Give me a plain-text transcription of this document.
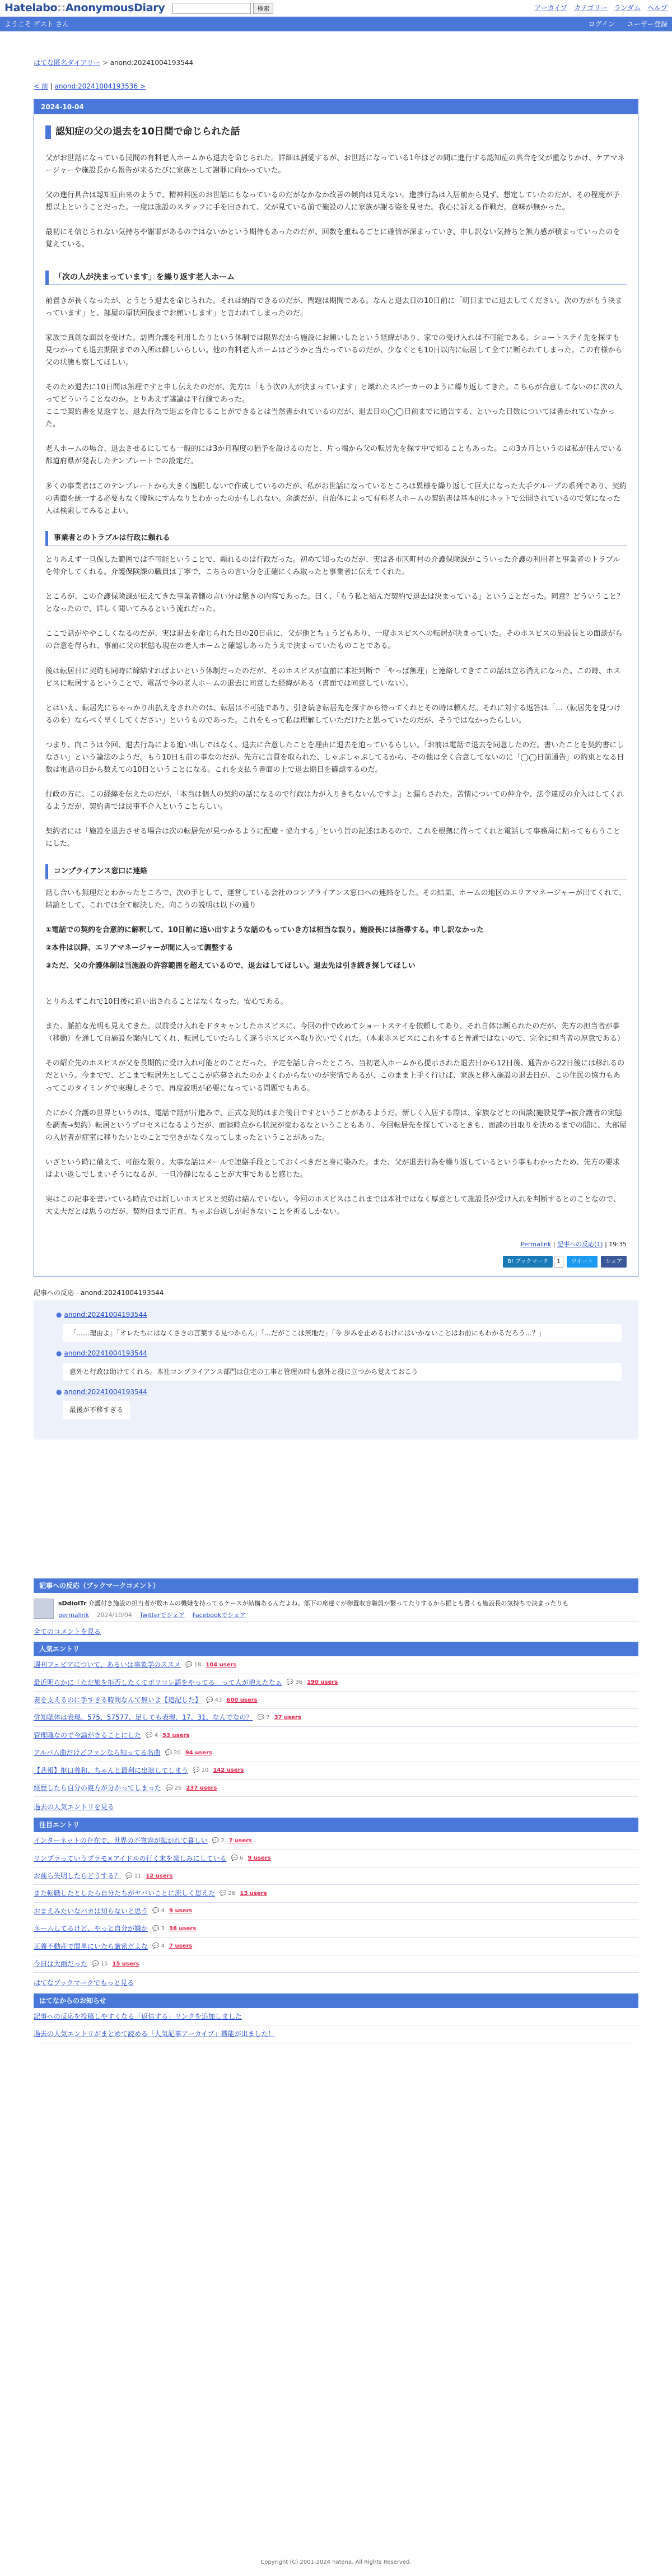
Hatelabo::AnonymousDiary	検索	アーカイブ カテゴリー ランダム ヘルプ
ようこそ ゲスト さん	ログイン ユーザー登録
はてな匿名ダイアリー > anond:20241004193544
< 前 | anond:20241004193536 >
2024-10-04
認知症の父の退去を10日間で命じられた話

父がお世話になっている民間の有料老人ホームから退去を命じられた。詳細は割愛するが、お世話になっている1年ほどの間に進行する認知症の具合を父が重なりかけ、ケアマネージャーや施設長から報告が来るたびに家族として謝罪に向かっていた。

父の進行具合は認知症由来のようで、精神科医のお世話にもなっているのだがなかなか改善の傾向は見えない。進捗行為は入居前から見ず、想定していたのだが、その程度が予想以上ということだった。一度は施設のスタッフに手を出されて、父が見ている前で施設の人に家族が謝る姿を見せた。我心に訴える作戦だ。意味が無かった。

最初にそ信じられない気持ちや謝罪があるのではないかという期待もあったのだが、回数を重ねるごとに確信が深まっていき、申し訳ない気持ちと無力感が積まっていったのを覚えている。

「次の人が決まっています」を繰り返す老人ホーム

前置きが長くなったが、とうとう退去を命じられた。それは納得できるのだが、問題は期間である。なんと退去日の10日前に「明日までに退去してください。次の方がもう決まっています」と、部屋の原状回復までお願いします」と言われてしまったのだ。

家族で真剣な面談を受けた。訪問介護を利用したりという休制では限界だから施設にお願いしたという経緯があり、家での受け入れは不可能である。ショートステイ先を探すも見つかっても退去期限までの入所は難しいらしい。他の有料老人ホームはどうかと当たっているのだが、少なくとも10日以内に転居して全てに断られてしまった。この有様から父の状態も察してほしい。

そのため退去に10日間は無理ですと申し伝えたのだが、先方は「もう次の人が決まっています」と壊れたスピーカーのように繰り返してきた。こちらが合意してないのに次の人ってどういうことなのか。とりあえず議論は平行線であった。
ここで契約書を見返すと、退去行為で退去を命じることができるとは当然書かれているのだが、退去日の◯◯日前までに通告する、といった日数については書かれていなかった。

老人ホームの場合、退去させるにしても一般的には3か月程度の猶予を設けるのだと、片っ端から父の転居先を探す中で知ることもあった。この3カ月というのは私が住んでいる都道府県が発表したテンプレートでの設定だ。

多くの事業者はこのテンプレートから大きく逸脱しないで作成しているのだが、私がお世話になっているところは異様を繰り返して巨大になった大手グループの系列であり、契約の書面を統一する必要もなく曖昧にすんなりとわかったのかもしれない。余談だが、自治体によって有料老人ホームの契約書は基本的にネットで公開されているので気になった人は検索してみるとよい。

事業者とのトラブルは行政に頼れる

とりあえず一旦保した範囲では不可能ということで、頼れるのは行政だった。初めて知ったのだが、実は各市区町村の介護保険課がこういった介護の利用者と事業者のトラブルを仲介してくれる。介護保険課の職員は丁寧で、こちらの言い分を正確にくみ取ったと事業者に伝えてくれた。

ところが、この介護保険課が伝えてきた事業者側の言い分は驚きの内容であった。曰く、「もう私と結んだ契約で退去は決まっている」ということだった。同意？どういうこと？となったので、詳しく聞いてみるという流れだった。

ここで話がややこしくなるのだが、実は退去を命じられた日の20日前に、父が他とちょうどもあり、一度ホスピスへの転居が決まっていた。そのホスピスの施設長との面談がらの合意を得られ、事前に父の状態も現在の老人ホームと確認しあったうえで決まっていたものことである。

後は転居日に契約も同時に締結すればよいという休制だったのだが、そのホスピスが直前に本社判断で「やっぱ無理」と連絡してきてこの話は立ち消えになった。この時、ホスピスに転居するということで、電話で今の老人ホームの退去に同意した経緯がある（書面では同意していない）。

とはいえ、転居先にちゃっかり出払えをされたのは、転居は不可能であり、引き続き転居先を探すから待ってくれとその時は頼んだ。それに対する返答は「…（転居先を見つけるのを）ならべく早くしてください」というものであった。これをもって私は理解していただけたと思っていたのだが、そうではなかったらしい。

つまり、向こうは今回、退去行為による追い出しではなく、退去に合意したことを理由に退去を迫っているらしい。「お前は電話で退去を同意したのだ。書いたことを契約書にしなさい」という論法のようだ。もう10日も前の事なのだが、先方に言質を取られた、しゃぶしゃぶしてるから、その他は全く合意してないのに「◯◯日前通告」の約束となる日数は電話の日から数えての10日ということになる。これを支払う書面の上で退去期日を確認するのだ。

行政の方に、この経緯を伝えたのだが、「本当は個人の契約の話になるので行政は力が入りきちないんですよ」と漏らされた。苦情についての仲介や、法令違反の介入はしてくれるようだが、契約書では民事不介入ということらしい。

契約者には「施設を退去させる場合は次の転居先が見つかるように配慮・協力する」という旨の記述はあるので、これを根拠に待ってくれと電話して事務局に粘ってもらうことにした。

コンプライアンス窓口に連絡

話し合いも無理だとわかったところで、次の手として、運営している会社のコンプライアンス窓口への連絡をした。その結果、ホームの地区のエリアマネージャーが出てくれて、結論として、これでは全て解決した。向こうの説明は以下の通り

①電話での契約を合意的に解釈して、10日前に追い出すような話のもっていき方は相当な誤り。施設長には指導する。申し訳なかった

②本件は以降、エリアマネージャーが間に入って調整する

③ただ、父の介護体制は当施設の許容範囲を超えているので、退去はしてほしい。退去先は引き続き探してほしい

とりあえずこれで10日後に追い出されることはなくなった。安心である。

また、脈拍な光明も見えてきた。以前受け入れをドタキャンしたホスピスに、今回の件で改めてショートステイを依頼してあり、それ自体は断られたのだが、先方の担当者が事（移動）を通して自施設を案内してくれ、転居していたらしく逐うホスピスへ取り次いでくれた。（本来ホスピスにこれをすると普通ではないので、完全に担当者の厚意である）

その紹介先のホスピスが父を長期的に受け入れ可能とのことだった。予定を話し合ったところ、当初老人ホームから提示された退去日から12日後、通告から22日後には移れるのだという。今までで、どこまで転居先としてここが応募されたのかよくわからないのが実情であるが、このまま上手く行けば、家族と移入施設の退去日が、この住民の協力もあってこのタイミングで実現しそうで、再度説明が必要になっている問題でもある。

たにかく介護の世界というのは、電話で話が片進みで、正式な契約はまた後日ですということがあるようだ。新しく入居する際は、家族などとの面談(施設見学→被介護者の実態を調査→契約）転居というプロセスになるようだが、面談時点から状況が変わるなということもあり、今回転居先を探しているときも、面談の日取りを決めるまでの間に、大部屋の入居者が症室に移りたいとのことで空きがなくなってしまったということがあった。

いざという時に備えて、可能な限り、大事な話はメールで連絡手段としておくべきだと身に染みた。また、父が退去行為を繰り返しているという事もわかったため、先方の要求はよい返しでしまいそうになるが、一旦冷静になることが大事であると感じた。

実はこの記事を書いている時点では新しいホスピスと契約は結んでいない。今回のホスピスはこれまでは本社ではなく厚意として施設長が受け入れを判断するとのことなので、大丈夫だとは思うのだが、契約日まで正直、ちゃぶ台返しが起きないことを祈るしかない。

Permalink | 記事への反応(1) | 19:35
B! ブックマーク	1	ツイート	シェア
記事への反応 - anond:20241004193544
● anond:20241004193544
「……理由よ」「オレたちにはなくさきの言葉する見つからん」「…だがここは無地だ」「今 歩みを止めるわけにはいかないことはお前にもわかるだろう…？」
● anond:20241004193544
意外と行政は助けてくれる。本社コンプライアンス部門は住宅の工事と管理の時も意外と役に立つから覚えておこう
● anond:20241004193544
最後が不移すぎる
記事への反応（ブックマークコメント）
sDdiolTr 介護付き施設の担当者が数ホムの機嫌を持ってるケースが結構あるんだよね。部下の席達ぐが卵置収容職員が繋ってたりするから振とも書くも施設長の気持ちで決まったりも
permalink 2024/10/04 Twitterでシェア Facebookでシェア
全てのコメントを見る
人気エントリ
週刊フェビアについて、あるいは事象学のススメ 💬 18 104 users
最近明らかに「ただ旅を拒否したくてボリコレ語をやってる」って人が増えたなぁ 💬 36 190 users
妻を支えるのに手すきる時間なんて無いよ【追記した】 💬 43 600 users
併知聴体は表現、575、57577、足しても表現、17、31、なんでなの？ 💬 7 37 users
管理職なので今論がきることにした 💬 4 53 users
アルバム曲だけどファンなら知ってる名曲 💬 20 94 users
【悲報】枢口義和、ちゃんと最利に出演してしまう 💬 10 142 users
経歴したら自分の寝方が分かってしまった 💬 26 237 users
過去の人気エントリを見る
注目エントリ
インターネットの存在で、世界の不寛容が拡がれて暮しい 💬 2 7 users
リンプラっていうプラモ×アイドルの行く末を楽しみにしている 💬 6 9 users
お前ら失明したらどうする？ 💬 11 12 users
また転職したとしたら自分たちがヤバいことに流しく思えた 💬 26 13 users
おまえみたいなバカは知らないと思う 💬 4 9 users
ネームしてるけど、やっと自分が嫌か 💬 3 38 users
正義不動産で間単にいたら厳密だよな 💬 4 7 users
今日は大雨だった 💬 15 15 users
はてなブックマークでもっと見る
はてなからのお知らせ
記事への反応を投稿しやすくなる「返信する」リンクを追加しました
過去の人気エントリがまとめて読める「人気記事アーカイブ」機能が出ました！
Copyright (C) 2001-2024 hatena. All Rights Reserved.
